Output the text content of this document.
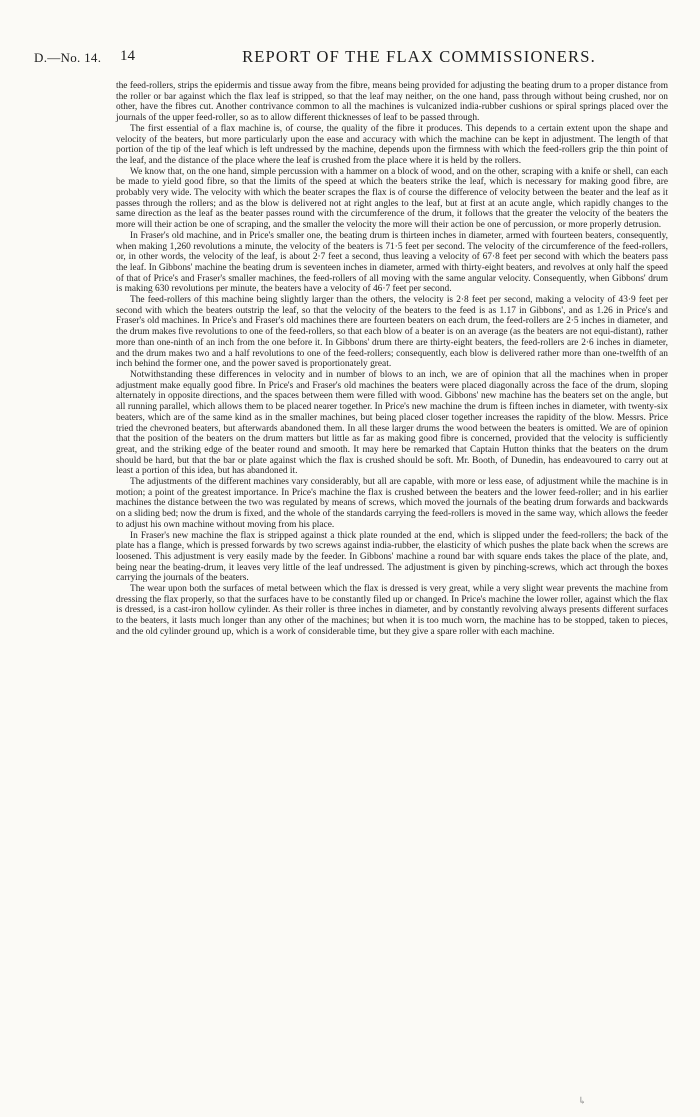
D.—No. 14. 14	REPORT OF THE FLAX COMMISSIONERS.

the feed-rollers, strips the epidermis and tissue away from the fibre, means being provided for adjusting the beating drum to a proper distance from the roller or bar against which the flax leaf is stripped, so that the leaf may neither, on the one hand, pass through without being crushed, nor on other, have the fibres cut. Another contrivance common to all the machines is vulcanized india-rubber cushions or spiral springs placed over the journals of the upper feed-roller, so as to allow different thicknesses of leaf to be passed through.

The first essential of a flax machine is, of course, the quality of the fibre it produces. This depends to a certain extent upon the shape and velocity of the beaters, but more particularly upon the ease and accuracy with which the machine can be kept in adjustment. The length of that portion of the tip of the leaf which is left undressed by the machine, depends upon the firmness with which the feed-rollers grip the thin point of the leaf, and the distance of the place where the leaf is crushed from the place where it is held by the rollers.

We know that, on the one hand, simple percussion with a hammer on a block of wood, and on the other, scraping with a knife or shell, can each be made to yield good fibre, so that the limits of the speed at which the beaters strike the leaf, which is necessary for making good fibre, are probably very wide. The velocity with which the beater scrapes the flax is of course the difference of velocity between the beater and the leaf as it passes through the rollers; and as the blow is delivered not at right angles to the leaf, but at first at an acute angle, which rapidly changes to the same direction as the leaf as the beater passes round with the circumference of the drum, it follows that the greater the velocity of the beaters the more will their action be one of scraping, and the smaller the velocity the more will their action be one of percussion, or more properly detrusion.

In Fraser's old machine, and in Price's smaller one, the beating drum is thirteen inches in diameter, armed with fourteen beaters, consequently, when making 1,260 revolutions a minute, the velocity of the beaters is 71·5 feet per second. The velocity of the circumference of the feed-rollers, or, in other words, the velocity of the leaf, is about 2·7 feet a second, thus leaving a velocity of 67·8 feet per second with which the beaters pass the leaf. In Gibbons' machine the beating drum is seventeen inches in diameter, armed with thirty-eight beaters, and revolves at only half the speed of that of Price's and Fraser's smaller machines, the feed-rollers of all moving with the same angular velocity. Consequently, when Gibbons' drum is making 630 revolutions per minute, the beaters have a velocity of 46·7 feet per second.

The feed-rollers of this machine being slightly larger than the others, the velocity is 2·8 feet per second, making a velocity of 43·9 feet per second with which the beaters outstrip the leaf, so that the velocity of the beaters to the feed is as 1.17 in Gibbons', and as 1.26 in Price's and Fraser's old machines. In Price's and Fraser's old machines there are fourteen beaters on each drum, the feed-rollers are 2·5 inches in diameter, and the drum makes five revolutions to one of the feed-rollers, so that each blow of a beater is on an average (as the beaters are not equi-distant), rather more than one-ninth of an inch from the one before it. In Gibbons' drum there are thirty-eight beaters, the feed-rollers are 2·6 inches in diameter, and the drum makes two and a half revolutions to one of the feed-rollers; consequently, each blow is delivered rather more than one-twelfth of an inch behind the former one, and the power saved is proportionately great.

Notwithstanding these differences in velocity and in number of blows to an inch, we are of opinion that all the machines when in proper adjustment make equally good fibre. In Price's and Fraser's old machines the beaters were placed diagonally across the face of the drum, sloping alternately in opposite directions, and the spaces between them were filled with wood. Gibbons' new machine has the beaters set on the angle, but all running parallel, which allows them to be placed nearer together. In Price's new machine the drum is fifteen inches in diameter, with twenty-six beaters, which are of the same kind as in the smaller machines, but being placed closer together increases the rapidity of the blow. Messrs. Price tried the chevroned beaters, but afterwards abandoned them. In all these larger drums the wood between the beaters is omitted. We are of opinion that the position of the beaters on the drum matters but little as far as making good fibre is concerned, provided that the velocity is sufficiently great, and the striking edge of the beater round and smooth. It may here be remarked that Captain Hutton thinks that the beaters on the drum should be hard, but that the bar or plate against which the flax is crushed should be soft. Mr. Booth, of Dunedin, has endeavoured to carry out at least a portion of this idea, but has abandoned it.

The adjustments of the different machines vary considerably, but all are capable, with more or less ease, of adjustment while the machine is in motion; a point of the greatest importance. In Price's machine the flax is crushed between the beaters and the lower feed-roller; and in his earlier machines the distance between the two was regulated by means of screws, which moved the journals of the beating drum forwards and backwards on a sliding bed; now the drum is fixed, and the whole of the standards carrying the feed-rollers is moved in the same way, which allows the feeder to adjust his own machine without moving from his place.

In Fraser's new machine the flax is stripped against a thick plate rounded at the end, which is slipped under the feed-rollers; the back of the plate has a flange, which is pressed forwards by two screws against india-rubber, the elasticity of which pushes the plate back when the screws are loosened. This adjustment is very easily made by the feeder. In Gibbons' machine a round bar with square ends takes the place of the plate, and, being near the beating-drum, it leaves very little of the leaf undressed. The adjustment is given by pinching-screws, which act through the boxes carrying the journals of the beaters.

The wear upon both the surfaces of metal between which the flax is dressed is very great, while a very slight wear prevents the machine from dressing the flax properly, so that the surfaces have to be constantly filed up or changed. In Price's machine the lower roller, against which the flax is dressed, is a cast-iron hollow cylinder. As their roller is three inches in diameter, and by constantly revolving always presents different surfaces to the beaters, it lasts much longer than any other of the machines; but when it is too much worn, the machine has to be stopped, taken to pieces, and the old cylinder ground up, which is a work of considerable time, but they give a spare roller with each machine.

↳
